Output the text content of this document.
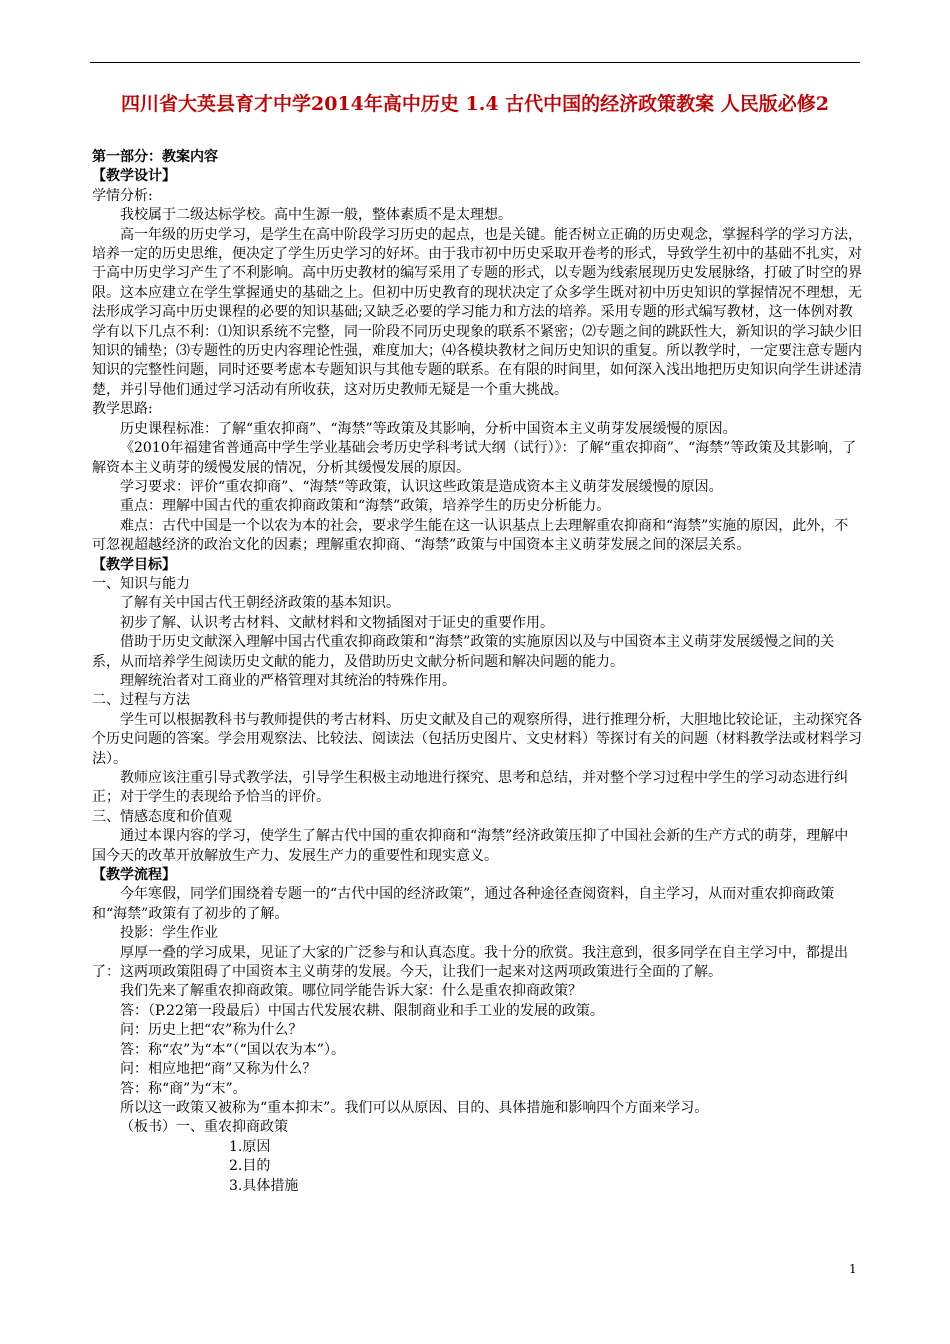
四川省大英县育才中学2014年高中历史 1.4 古代中国的经济政策教案 人民版必修2

第一部分：教案内容

【教学设计】

学情分析:

我校属于二级达标学校。高中生源一般，整体素质不是太理想。

高一年级的历史学习，是学生在高中阶段学习历史的起点，也是关键。能否树立正确的历史观念，掌握科学的学习方法，培养一定的历史思维，便决定了学生历史学习的好坏。由于我市初中历史采取开卷考的形式，导致学生初中的基础不扎实，对于高中历史学习产生了不利影响。高中历史教材的编写采用了专题的形式，以专题为线索展现历史发展脉络，打破了时空的界限。这本应建立在学生掌握通史的基础之上。但初中历史教育的现状决定了众多学生既对初中历史知识的掌握情况不理想，无法形成学习高中历史课程的必要的知识基础;又缺乏必要的学习能力和方法的培养。采用专题的形式编写教材，这一体例对教学有以下几点不利：⑴知识系统不完整，同一阶段不同历史现象的联系不紧密；⑵专题之间的跳跃性大，新知识的学习缺少旧知识的铺垫；⑶专题性的历史内容理论性强，难度加大；⑷各模块教材之间历史知识的重复。所以教学时，一定要注意专题内知识的完整性问题，同时还要考虑本专题知识与其他专题的联系。在有限的时间里，如何深入浅出地把历史知识向学生讲述清楚，并引导他们通过学习活动有所收获，这对历史教师无疑是一个重大挑战。

教学思路:

历史课程标准：了解“重农抑商”、“海禁”等政策及其影响，分析中国资本主义萌芽发展缓慢的原因。

《2010年福建省普通高中学生学业基础会考历史学科考试大纲（试行）》：了解“重农抑商”、“海禁”等政策及其影响，了解资本主义萌芽的缓慢发展的情况，分析其缓慢发展的原因。

学习要求：评价“重农抑商”、“海禁”等政策，认识这些政策是造成资本主义萌芽发展缓慢的原因。

重点：理解中国古代的重农抑商政策和“海禁”政策，培养学生的历史分析能力。

难点：古代中国是一个以农为本的社会，要求学生能在这一认识基点上去理解重农抑商和“海禁”实施的原因，此外，不可忽视超越经济的政治文化的因素；理解重农抑商、“海禁”政策与中国资本主义萌芽发展之间的深层关系。

【教学目标】

一、知识与能力

了解有关中国古代王朝经济政策的基本知识。

初步了解、认识考古材料、文献材料和文物插图对于证史的重要作用。

借助于历史文献深入理解中国古代重农抑商政策和“海禁”政策的实施原因以及与中国资本主义萌芽发展缓慢之间的关系，从而培养学生阅读历史文献的能力，及借助历史文献分析问题和解决问题的能力。

理解统治者对工商业的严格管理对其统治的特殊作用。

二、过程与方法

学生可以根据教科书与教师提供的考古材料、历史文献及自己的观察所得，进行推理分析，大胆地比较论证，主动探究各个历史问题的答案。学会用观察法、比较法、阅读法（包括历史图片、文史材料）等探讨有关的问题（材料教学法或材料学习法）。

教师应该注重引导式教学法，引导学生积极主动地进行探究、思考和总结，并对整个学习过程中学生的学习动态进行纠正；对于学生的表现给予恰当的评价。

三、情感态度和价值观

通过本课内容的学习，使学生了解古代中国的重农抑商和“海禁”经济政策压抑了中国社会新的生产方式的萌芽，理解中国今天的改革开放解放生产力、发展生产力的重要性和现实意义。

【教学流程】

今年寒假，同学们围绕着专题一的“古代中国的经济政策”，通过各种途径查阅资料，自主学习，从而对重农抑商政策和“海禁”政策有了初步的了解。

投影：学生作业

厚厚一叠的学习成果，见证了大家的广泛参与和认真态度。我十分的欣赏。我注意到，很多同学在自主学习中，都提出了：这两项政策阻碍了中国资本主义萌芽的发展。今天，让我们一起来对这两项政策进行全面的了解。

我们先来了解重农抑商政策。哪位同学能告诉大家：什么是重农抑商政策？

答：（P.22第一段最后）中国古代发展农耕、限制商业和手工业的发展的政策。

问：历史上把“农”称为什么？

答：称“农”为“本”（“国以农为本”）。

问：相应地把“商”又称为什么？

答：称“商”为“末”。

所以这一政策又被称为“重本抑末”。我们可以从原因、目的、具体措施和影响四个方面来学习。

（板书）一、重农抑商政策

1.原因

2.目的

3.具体措施

1
